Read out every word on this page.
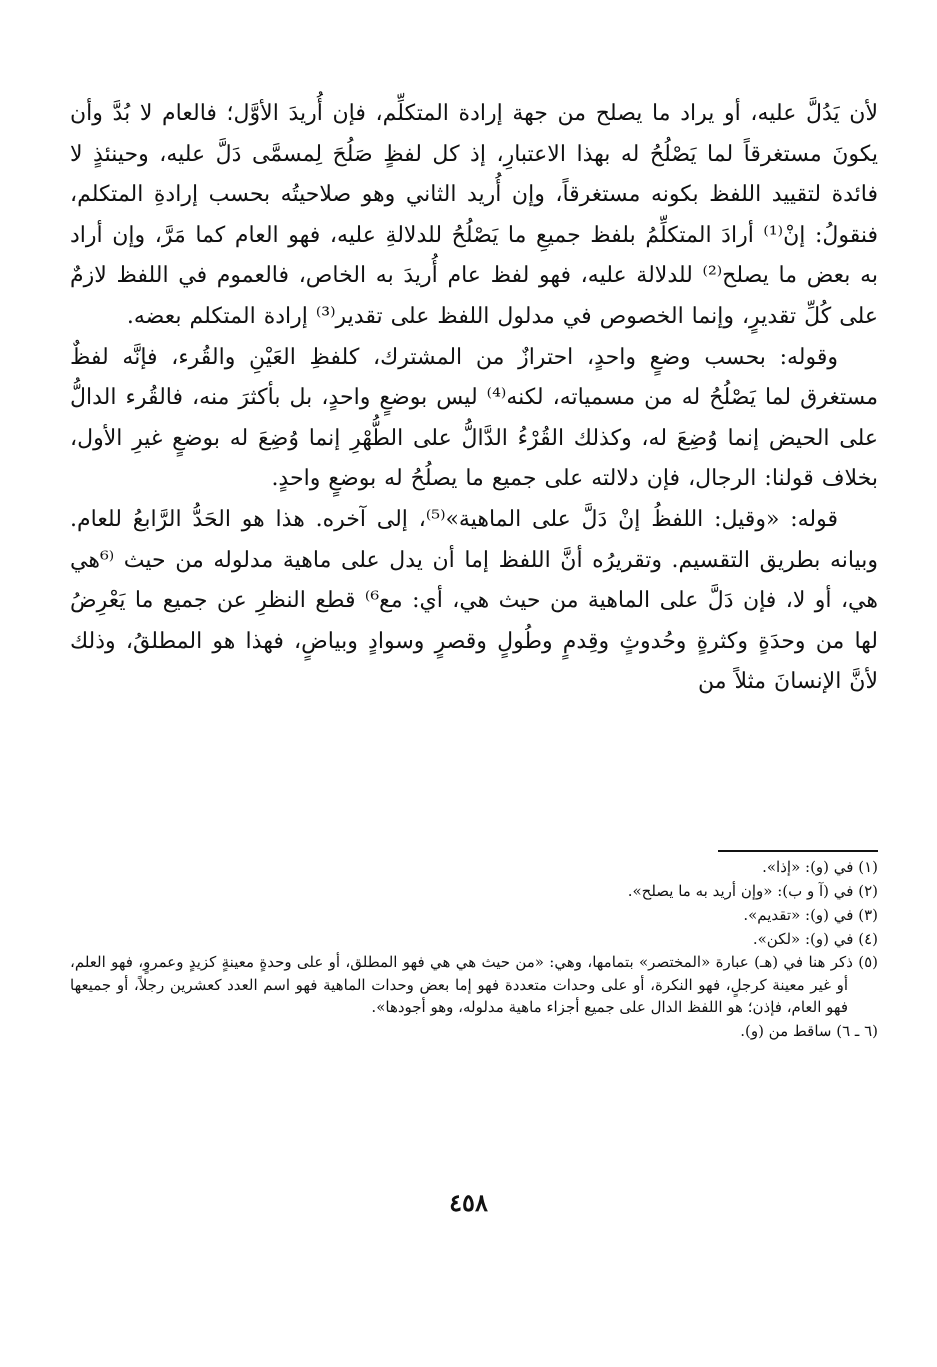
لأن يَدُلَّ عليه، أو يراد ما يصلح من جهة إرادة المتكلِّم، فإن أُريدَ الأوَّل؛ فالعام لا بُدَّ وأن يكونَ مستغرقاً لما يَصْلُحُ له بهذا الاعتبارِ، إذ كل لفظٍ صَلُحَ لِمسمَّى دَلَّ عليه، وحينئذٍ لا فائدة لتقييد اللفظ بكونه مستغرقاً، وإن أُريد الثاني وهو صلاحيتُه بحسب إرادةِ المتكلم، فنقولُ: إنْ⁽¹⁾ أرادَ المتكلِّمُ بلفظ جميعِ ما يَصْلُحُ للدلالةِ عليه، فهو العام كما مَرَّ، وإن أراد به بعض ما يصلح⁽²⁾ للدلالة عليه، فهو لفظ عام أُريدَ به الخاص، فالعموم في اللفظ لازمٌ على كُلِّ تقديرٍ، وإنما الخصوص في مدلول اللفظ على تقدير⁽³⁾ إرادة المتكلم بعضه.

وقوله: بحسب وضعٍ واحدٍ، احترازٌ من المشترك، كلفظِ العَيْنِ والقُرء، فإنَّه لفظٌ مستغرق لما يَصْلُحُ له من مسمياته، لكنه⁽⁴⁾ ليس بوضعٍ واحدٍ، بل بأكثرَ منه، فالقُرء الدالُّ على الحيض إنما وُضِعَ له، وكذلك القُرْءُ الدَّالُّ على الطُّهْرِ إنما وُضِعَ له بوضعٍ غيرِ الأول، بخلاف قولنا: الرجال، فإن دلالته على جميع ما يصلُحُ له بوضعٍ واحدٍ.

قوله: «وقيل: اللفظُ إنْ دَلَّ على الماهية»⁽⁵⁾، إلى آخره. هذا هو الحَدُّ الرَّابعُ للعام. وبيانه بطريق التقسيم. وتقريرُه أنَّ اللفظ إما أن يدل على ماهية مدلوله من حيث ⁽⁶هي هي، أو لا، فإن دَلَّ على الماهية من حيث هي، أي: مع⁶⁾ قطع النظرِ عن جميع ما يَعْرِضُ لها من وحدَةٍ وكثرةٍ وحُدوثٍ وقِدمٍ وطُولٍ وقصرٍ وسوادٍ وبياضٍ، فهذا هو المطلقُ، وذلك لأنَّ الإنسانَ مثلاً من

(١) في (و): «إذا».

(٢) في (آ و ب): «وإن أريد به ما يصلح».

(٣) في (و): «تقديم».

(٤) في (و): «لكن».

(٥) ذكر هنا في (هـ) عبارة «المختصر» بتمامها، وهي: «من حيث هي هي فهو المطلق، أو على وحدةٍ معينةٍ كزيدٍ وعمروٍ، فهو العلم، أو غير معينة كرجلٍ، فهو النكرة، أو على وحدات متعددة فهو إما بعض وحدات الماهية فهو اسم العدد كعشرين رجلاً، أو جميعها فهو العام، فإذن؛ هو اللفظ الدال على جميع أجزاء ماهية مدلوله، وهو أجودها».

(٦ ـ ٦) ساقط من (و).

٤٥٨
